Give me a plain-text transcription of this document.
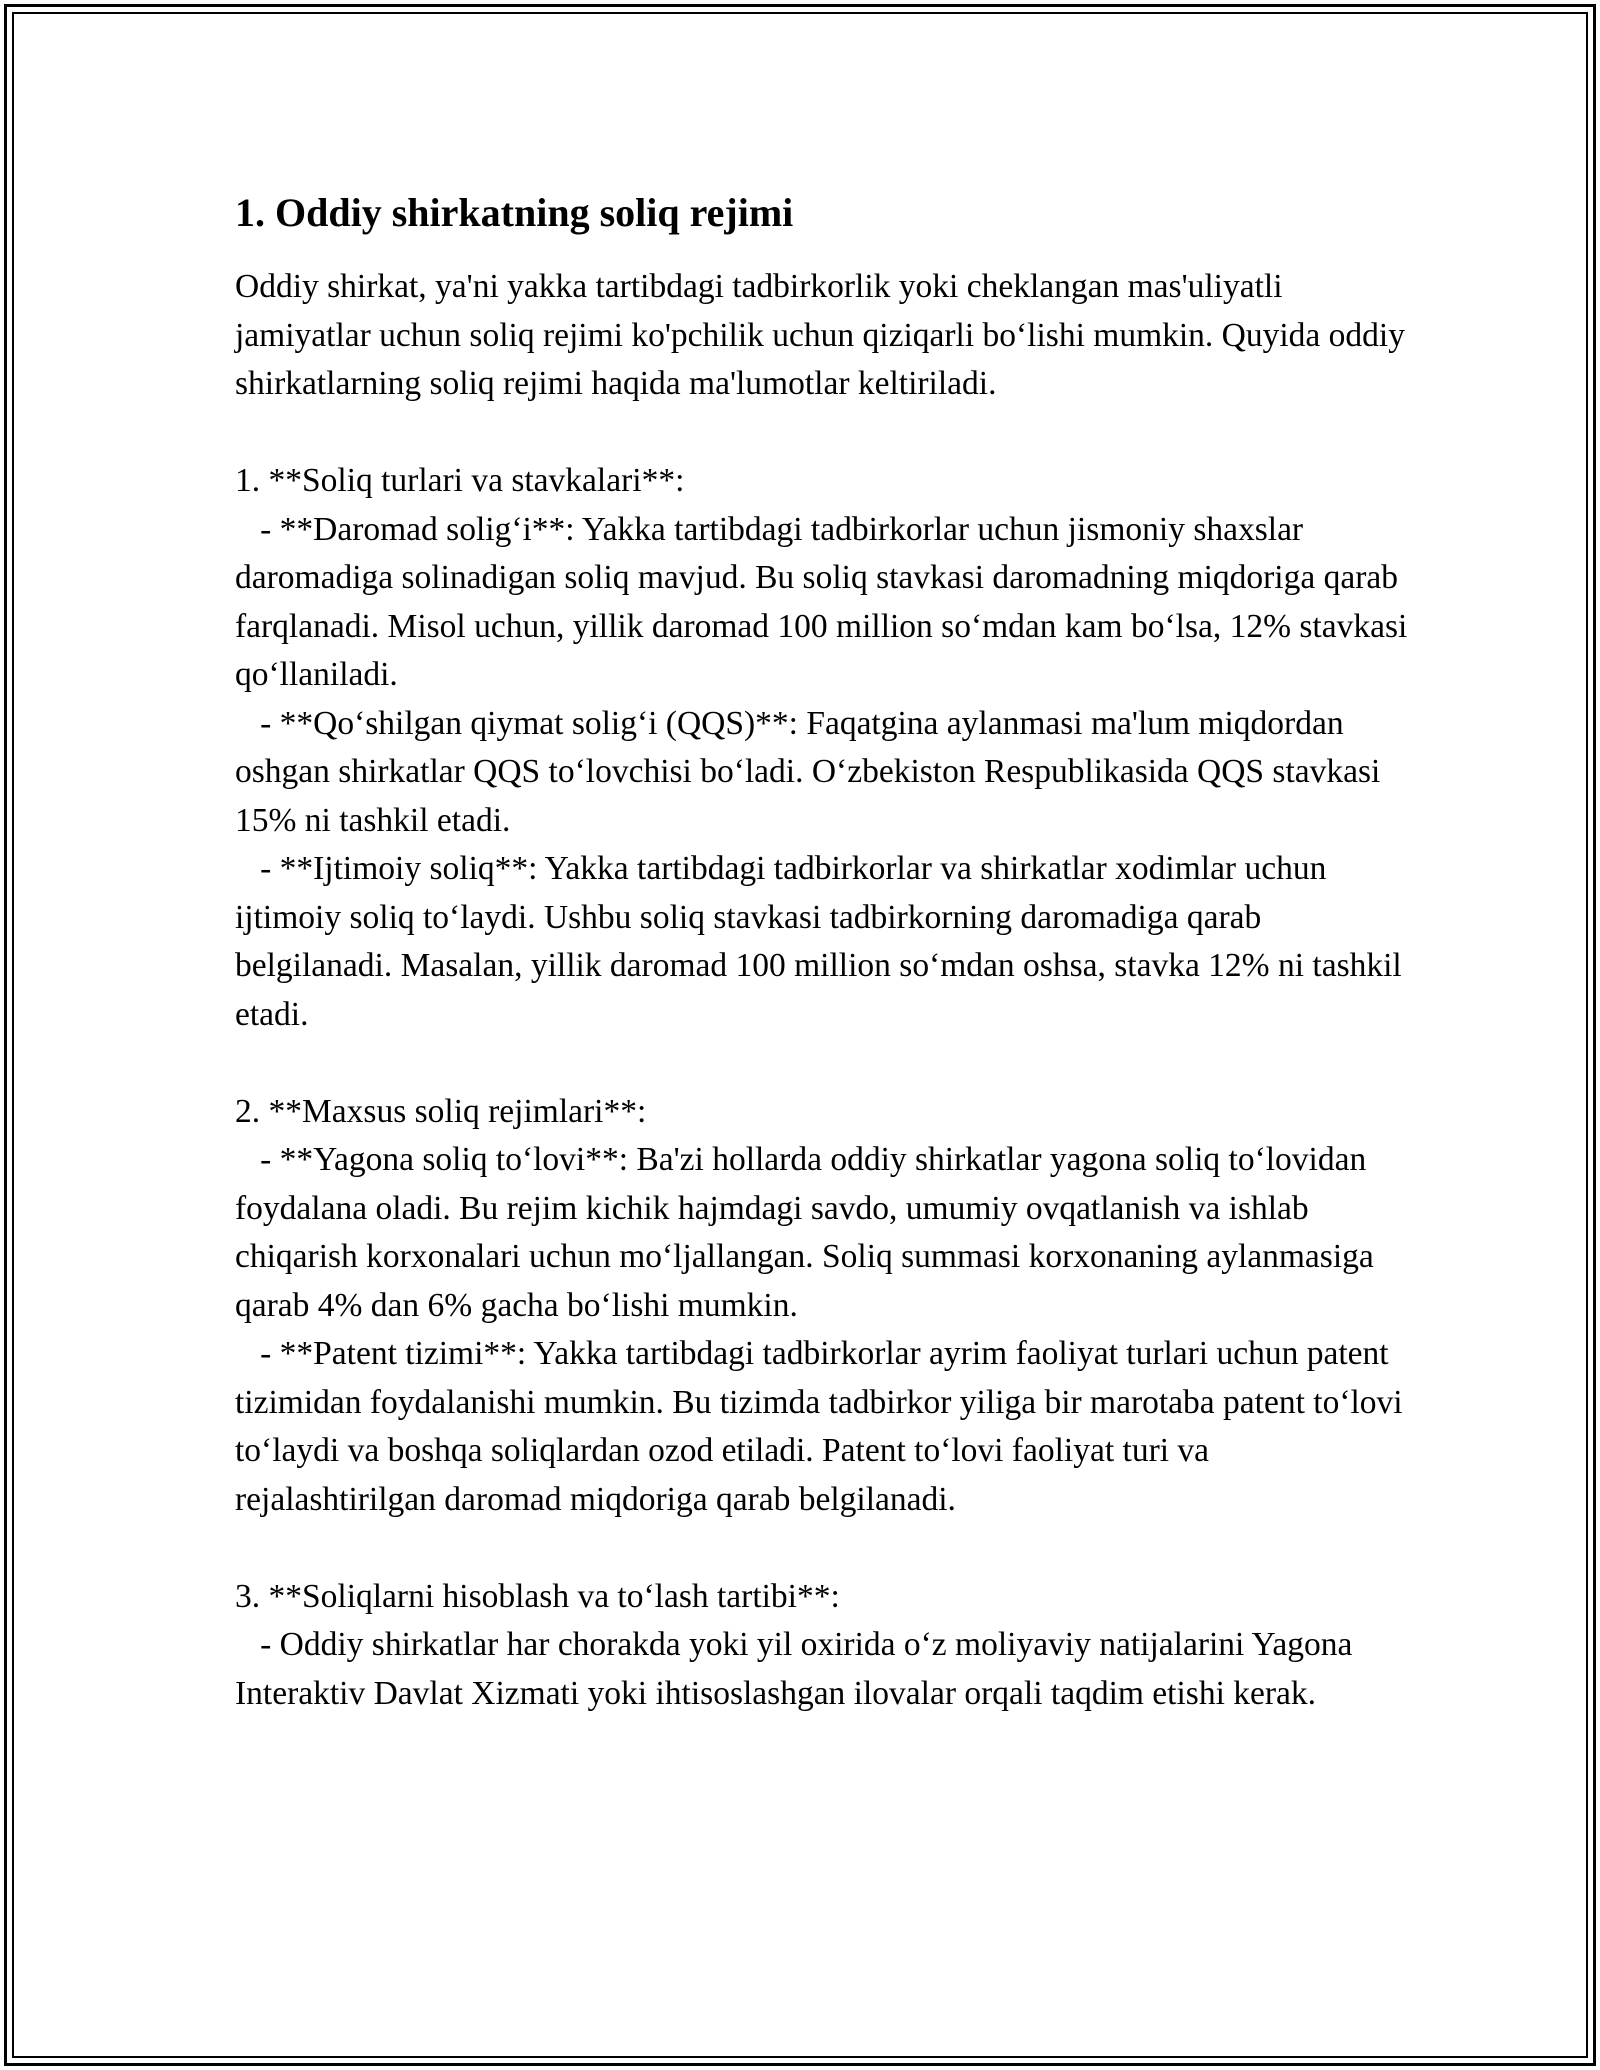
1. Oddiy shirkatning soliq rejimi

Oddiy shirkat, ya'ni yakka tartibdagi tadbirkorlik yoki cheklangan mas'uliyatli jamiyatlar uchun soliq rejimi ko'pchilik uchun qiziqarli bo‘lishi mumkin. Quyida oddiy shirkatlarning soliq rejimi haqida ma'lumotlar keltiriladi.

1. **Soliq turlari va stavkalari**:
- **Daromad solig‘i**: Yakka tartibdagi tadbirkorlar uchun jismoniy shaxslar daromadiga solinadigan soliq mavjud. Bu soliq stavkasi daromadning miqdoriga qarab farqlanadi. Misol uchun, yillik daromad 100 million so‘mdan kam bo‘lsa, 12% stavkasi qo‘llaniladi.
- **Qo‘shilgan qiymat solig‘i (QQS)**: Faqatgina aylanmasi ma'lum miqdordan oshgan shirkatlar QQS to‘lovchisi bo‘ladi. O‘zbekiston Respublikasida QQS stavkasi 15% ni tashkil etadi.
- **Ijtimoiy soliq**: Yakka tartibdagi tadbirkorlar va shirkatlar xodimlar uchun ijtimoiy soliq to‘laydi. Ushbu soliq stavkasi tadbirkorning daromadiga qarab belgilanadi. Masalan, yillik daromad 100 million so‘mdan oshsa, stavka 12% ni tashkil etadi.
2. **Maxsus soliq rejimlari**:
- **Yagona soliq to‘lovi**: Ba'zi hollarda oddiy shirkatlar yagona soliq to‘lovidan foydalana oladi. Bu rejim kichik hajmdagi savdo, umumiy ovqatlanish va ishlab chiqarish korxonalari uchun mo‘ljallangan. Soliq summasi korxonaning aylanmasiga qarab 4% dan 6% gacha bo‘lishi mumkin.
- **Patent tizimi**: Yakka tartibdagi tadbirkorlar ayrim faoliyat turlari uchun patent tizimidan foydalanishi mumkin. Bu tizimda tadbirkor yiliga bir marotaba patent to‘lovi to‘laydi va boshqa soliqlardan ozod etiladi. Patent to‘lovi faoliyat turi va rejalashtirilgan daromad miqdoriga qarab belgilanadi.
3. **Soliqlarni hisoblash va to‘lash tartibi**:
- Oddiy shirkatlar har chorakda yoki yil oxirida o‘z moliyaviy natijalarini Yagona Interaktiv Davlat Xizmati yoki ihtisoslashgan ilovalar orqali taqdim etishi kerak.
